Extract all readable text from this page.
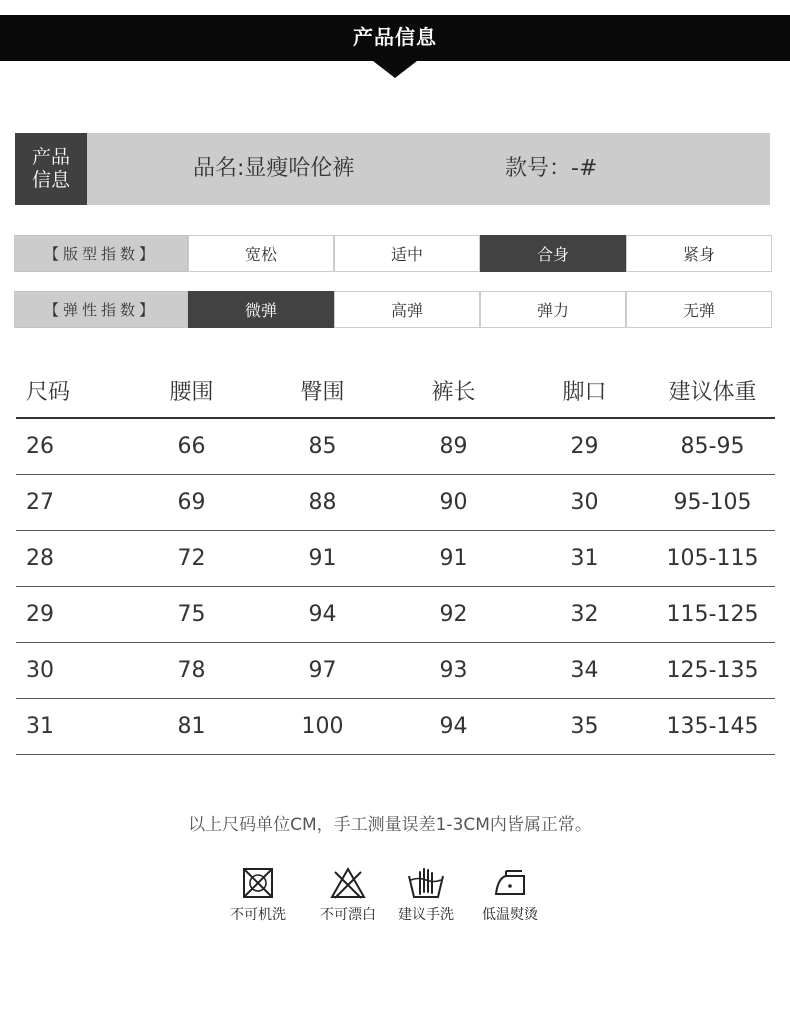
产品信息
产品
信息	品名:显瘦哈伦裤	款号：-#
【版型指数】	宽松	适中	合身	紧身
【弹性指数】	微弹	高弹	弹力	无弹
尺码	腰围	臀围	裤长	脚口	建议体重
26	66	85	89	29	85-95
27	69	88	90	30	95-105
28	72	91	91	31	105-115
29	75	94	92	32	115-125
30	78	97	93	34	125-135
31	81	100	94	35	135-145
以上尺码单位CM，手工测量误差1-3CM内皆属正常。
不可机洗	不可漂白	建议手洗	低温熨烫
